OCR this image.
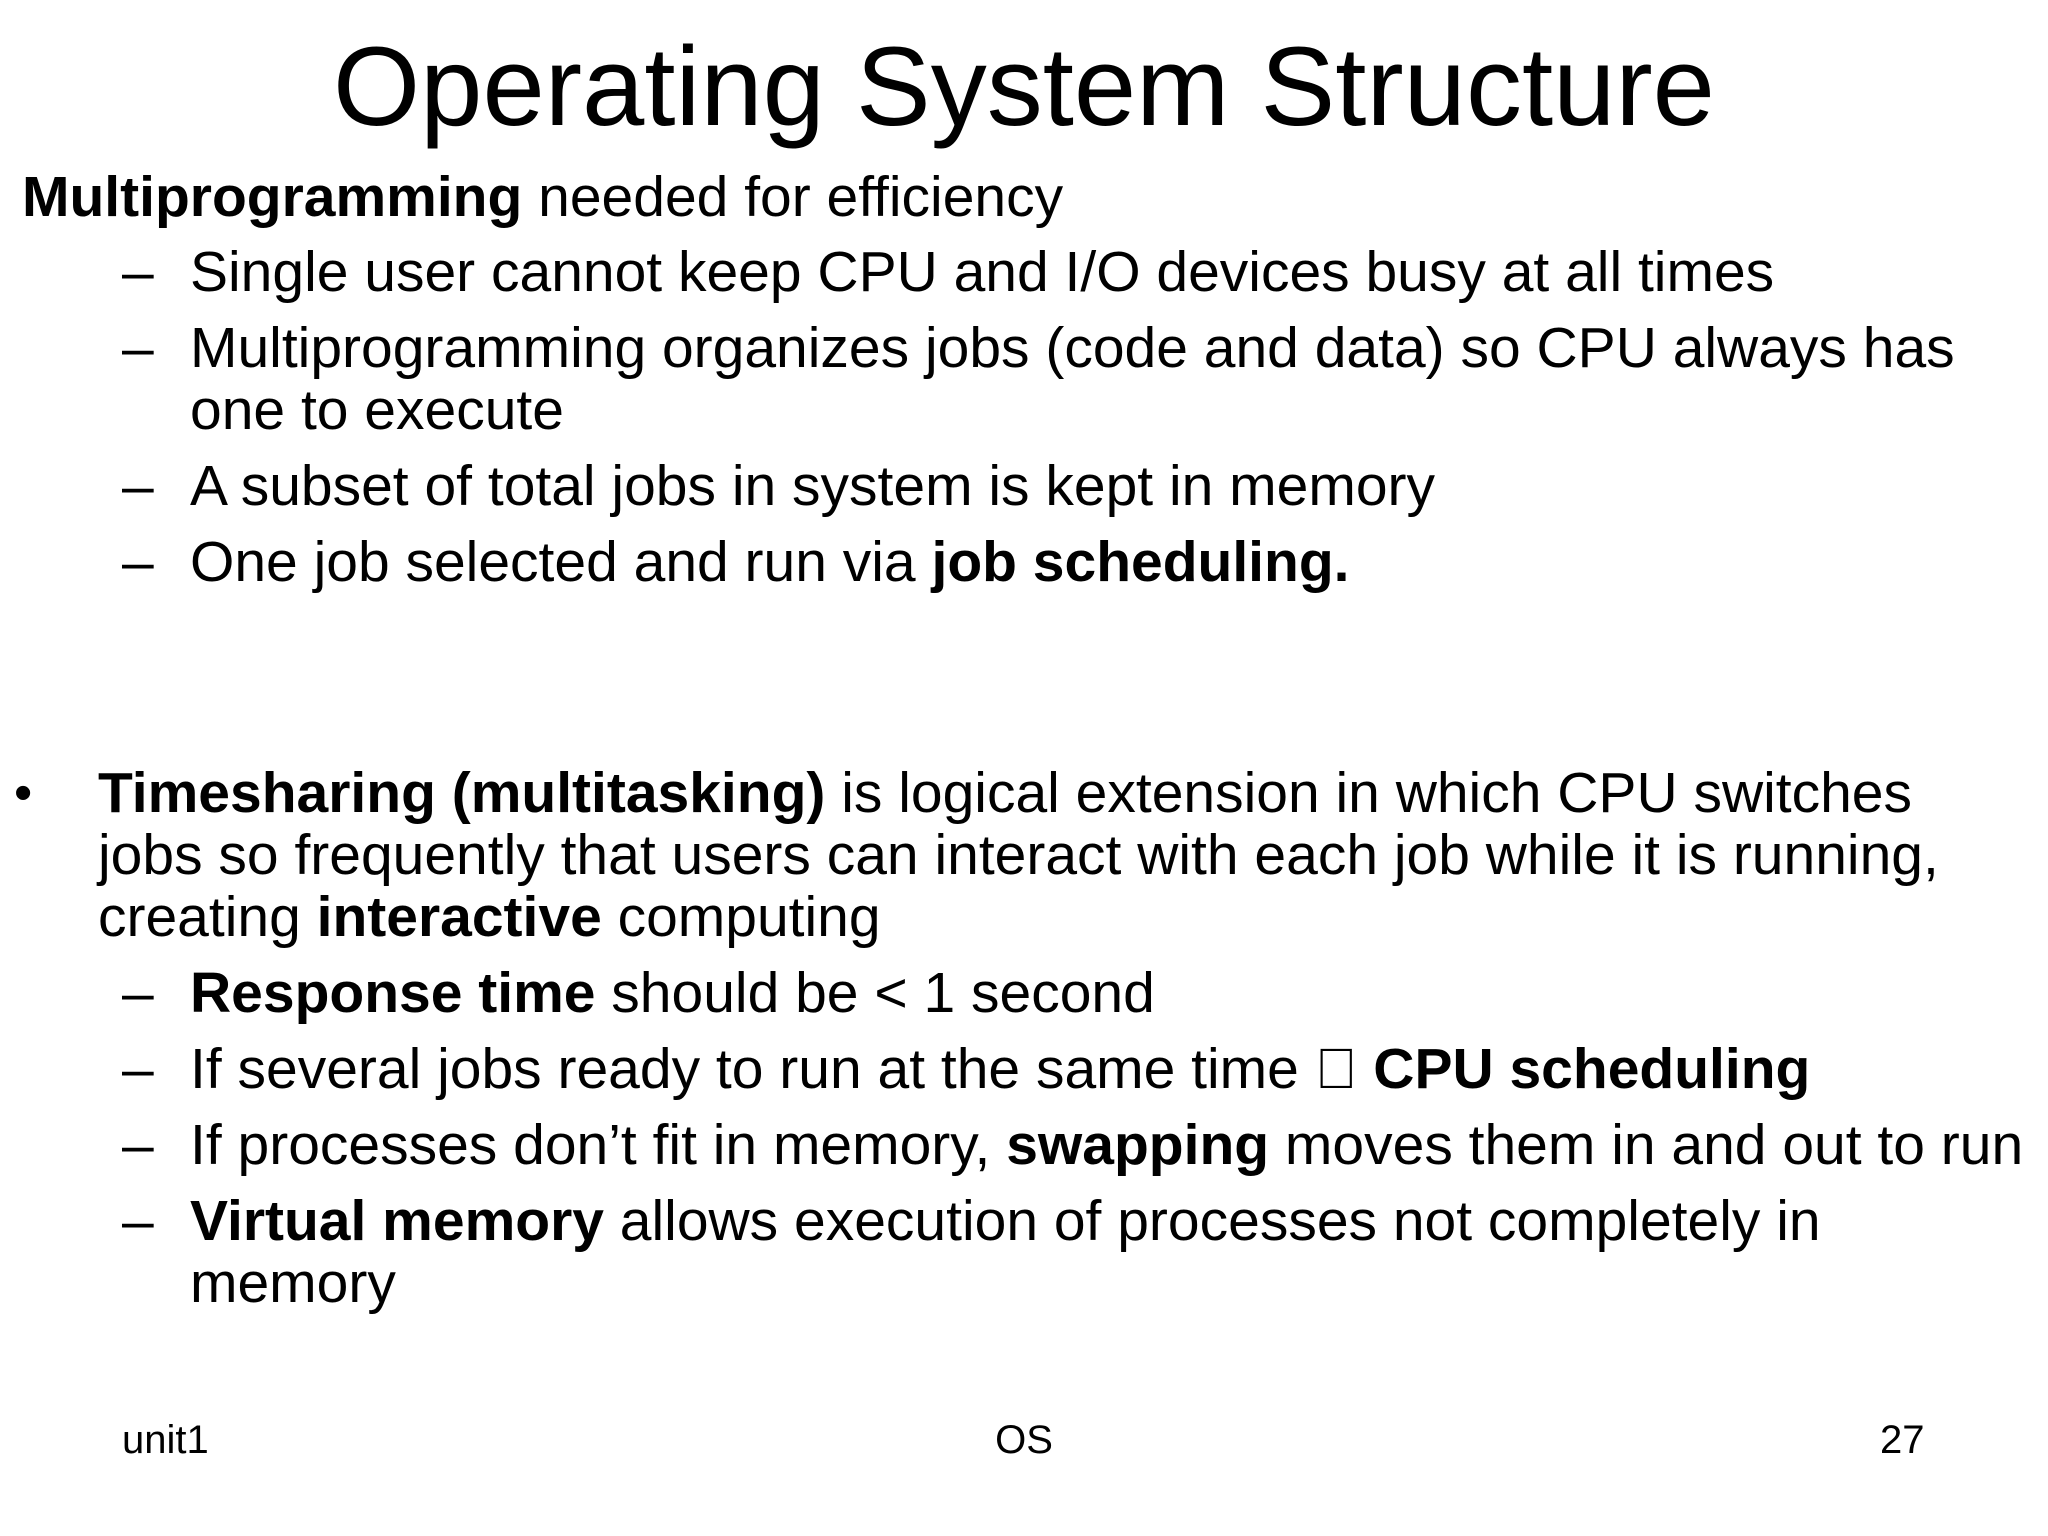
Operating System Structure
Multiprogramming needed for efficiency
– Single user cannot keep CPU and I/O devices busy at all times
– Multiprogramming organizes jobs (code and data) so CPU always has
one to execute
– A subset of total jobs in system is kept in memory
– One job selected and run via job scheduling.
• Timesharing (multitasking) is logical extension in which CPU switches
jobs so frequently that users can interact with each job while it is running,
creating interactive computing
– Response time should be < 1 second
– If several jobs ready to run at the same time CPU scheduling
– If processes don’t fit in memory, swapping moves them in and out to run
– Virtual memory allows execution of processes not completely in
memory
unit1	OS	27
